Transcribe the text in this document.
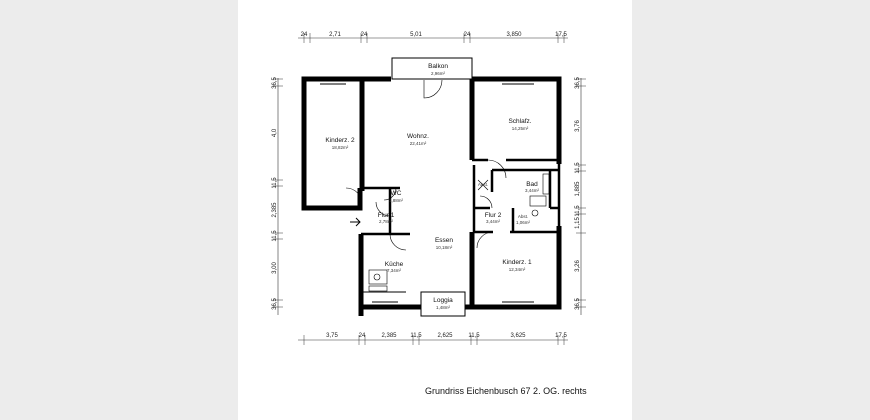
24	2,71	24	5,01	24	3,850	17,5
3,75	24	2,385 11,5	2,625	11,5	3,625	17,5
36,5
4,0
11,5
2,385
11,5
3,00
36,5
36,5
3,76
11,5
1,885
11,5
1,15
3,26
36,5
Kinderz. 2
18,82m²
Wohnz.
22,41m²
Balkon
2,96m²
Schlafz.
14,25m²
WC
1,88m²
Flur 1
2,78m²
Abst.	Bad
3,44m²
Flur 2
3,44m²
Abst.
1,06m²
Essen
10,18m²
Küche
7,34m²
Kinderz. 1
12,34m²
Loggia
1,48m²
Grundriss Eichenbusch 67 2. OG. rechts
